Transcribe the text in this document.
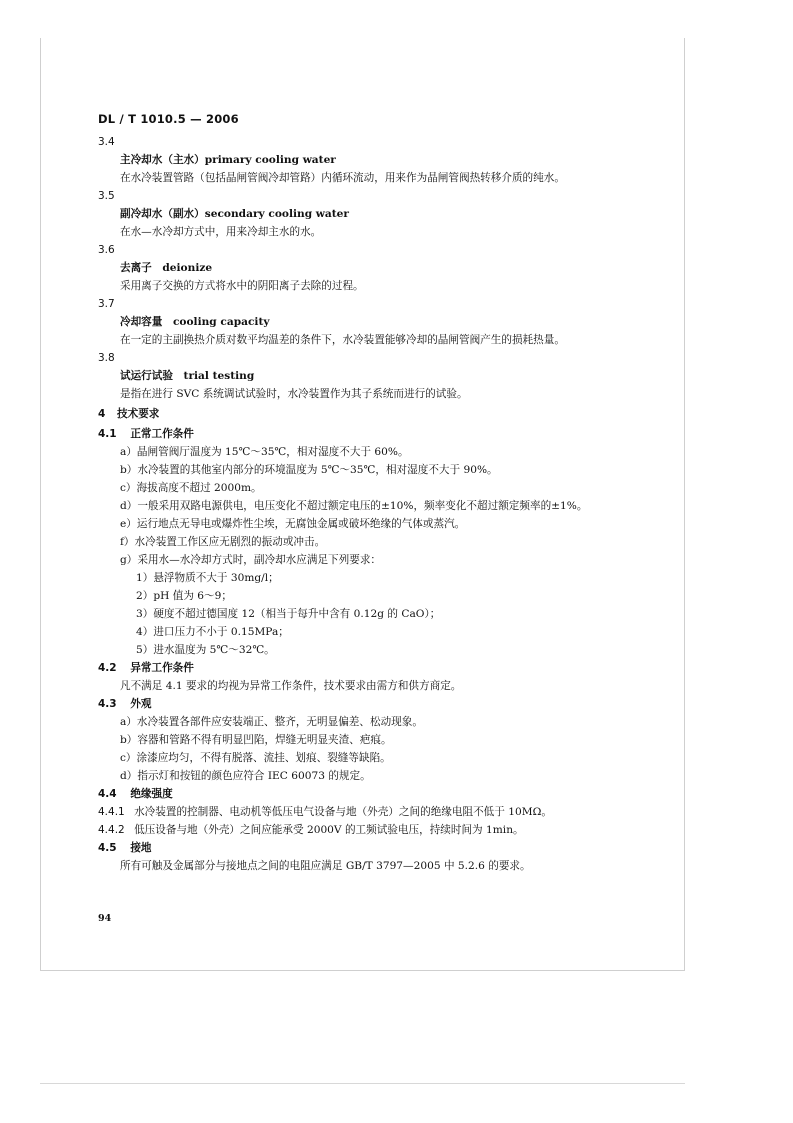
DL / T 1010.5 — 2006
3.4
主冷却水（主水）primary cooling water
在水冷装置管路（包括晶闸管阀冷却管路）内循环流动，用来作为晶闸管阀热转移介质的纯水。
3.5
副冷却水（副水）secondary cooling water
在水—水冷却方式中，用来冷却主水的水。
3.6
去离子　deionize
采用离子交换的方式将水中的阴阳离子去除的过程。
3.7
冷却容量　cooling capacity
在一定的主副换热介质对数平均温差的条件下，水冷装置能够冷却的晶闸管阀产生的损耗热量。
3.8
试运行试验　trial testing
是指在进行 SVC 系统调试试验时，水冷装置作为其子系统而进行的试验。
4 技术要求
4.1 正常工作条件
a）晶闸管阀厅温度为 15℃～35℃，相对湿度不大于 60%。
b）水冷装置的其他室内部分的环境温度为 5℃～35℃，相对湿度不大于 90%。
c）海拔高度不超过 2000m。
d）一般采用双路电源供电，电压变化不超过额定电压的±10%，频率变化不超过额定频率的±1%。
e）运行地点无导电或爆炸性尘埃，无腐蚀金属或破坏绝缘的气体或蒸汽。
f）水冷装置工作区应无剧烈的振动或冲击。
g）采用水—水冷却方式时，副冷却水应满足下列要求：
1）悬浮物质不大于 30mg/l；
2）pH 值为 6～9；
3）硬度不超过德国度 12（相当于每升中含有 0.12g 的 CaO）；
4）进口压力不小于 0.15MPa；
5）进水温度为 5℃～32℃。
4.2 异常工作条件
凡不满足 4.1 要求的均视为异常工作条件，技术要求由需方和供方商定。
4.3 外观
a）水冷装置各部件应安装端正、整齐，无明显偏差、松动现象。
b）容器和管路不得有明显凹陷，焊缝无明显夹渣、疤痕。
c）涂漆应均匀，不得有脱落、流挂、划痕、裂缝等缺陷。
d）指示灯和按钮的颜色应符合 IEC 60073 的规定。
4.4 绝缘强度
4.4.1 水冷装置的控制器、电动机等低压电气设备与地（外壳）之间的绝缘电阻不低于 10MΩ。
4.4.2 低压设备与地（外壳）之间应能承受 2000V 的工频试验电压，持续时间为 1min。
4.5 接地
所有可触及金属部分与接地点之间的电阻应满足 GB/T 3797—2005 中 5.2.6 的要求。
94
